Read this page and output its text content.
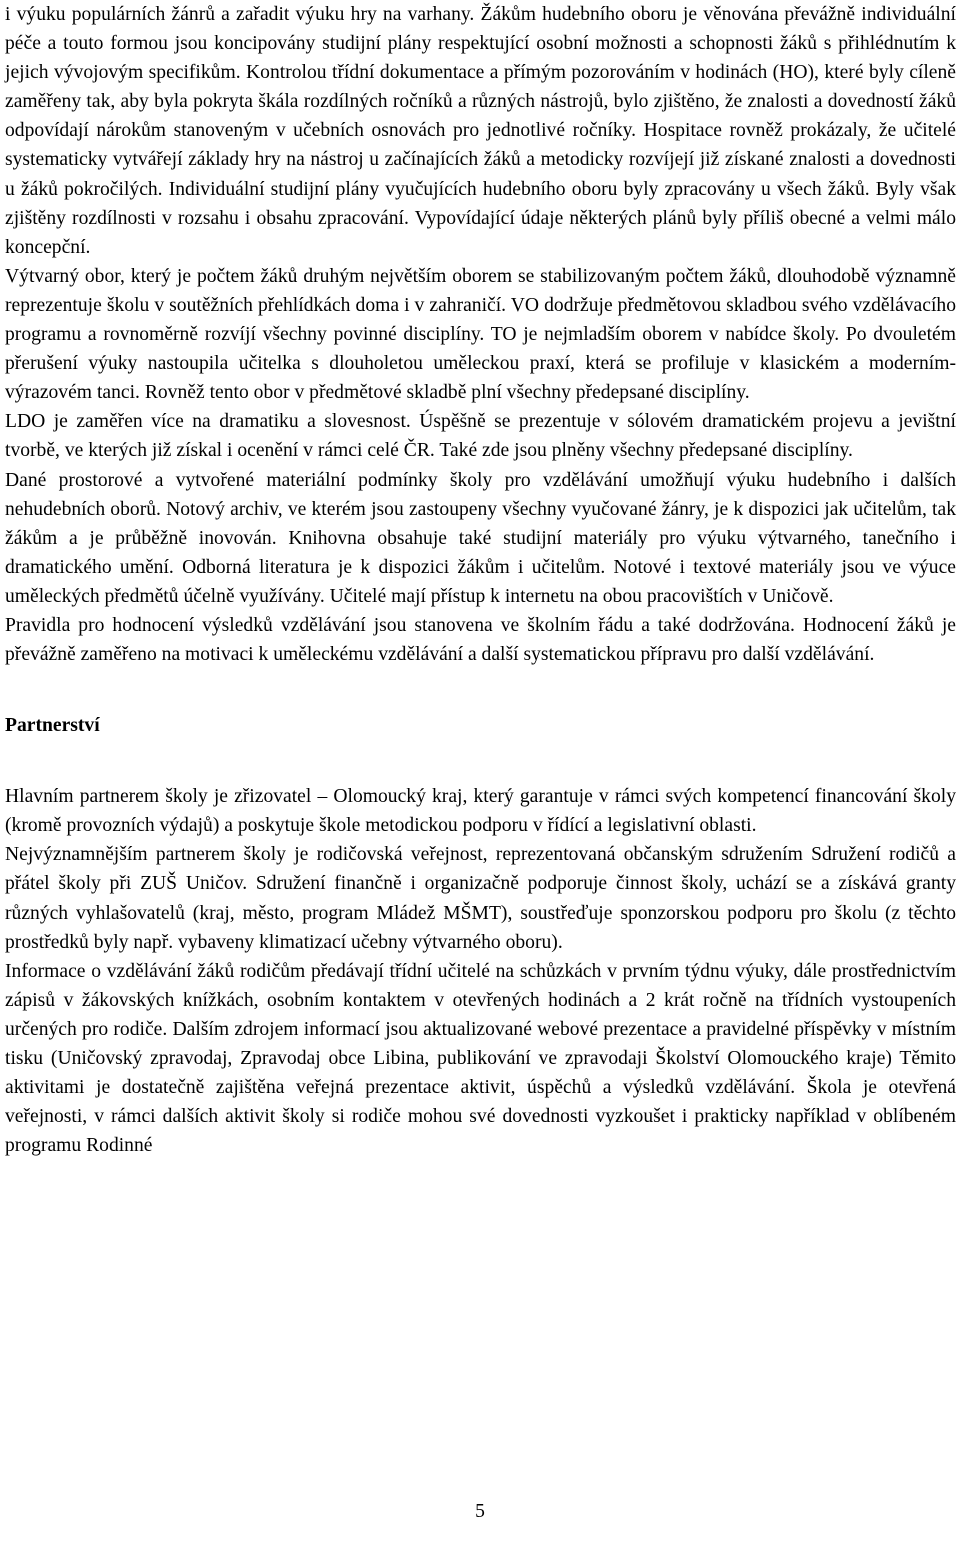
i výuku populárních žánrů a zařadit výuku hry na varhany. Žákům hudebního oboru je věnována převážně individuální péče a touto formou jsou koncipovány studijní plány respektující osobní možnosti a schopnosti žáků s přihlédnutím k jejich vývojovým specifikům. Kontrolou třídní dokumentace a přímým pozorováním v hodinách (HO), které byly cíleně zaměřeny tak, aby byla pokryta škála rozdílných ročníků a různých nástrojů, bylo zjištěno, že znalosti a dovedností žáků odpovídají nárokům stanoveným v učebních osnovách pro jednotlivé ročníky. Hospitace rovněž prokázaly, že učitelé systematicky vytvářejí základy hry na nástroj u začínajících žáků a metodicky rozvíjejí již získané znalosti a dovednosti u žáků pokročilých. Individuální studijní plány vyučujících hudebního oboru byly zpracovány u všech žáků. Byly však zjištěny rozdílnosti v rozsahu i obsahu zpracování. Vypovídající údaje některých plánů byly příliš obecné a velmi málo koncepční.

Výtvarný obor, který je počtem žáků druhým největším oborem se stabilizovaným počtem žáků, dlouhodobě významně reprezentuje školu v soutěžních přehlídkách doma i v zahraničí. VO dodržuje předmětovou skladbou svého vzdělávacího programu a rovnoměrně rozvíjí všechny povinné disciplíny. TO je nejmladším oborem v nabídce školy. Po dvouletém přerušení výuky nastoupila učitelka s dlouholetou uměleckou praxí, která se profiluje v klasickém a moderním-výrazovém tanci. Rovněž tento obor v předmětové skladbě plní všechny předepsané disciplíny.

LDO je zaměřen více na dramatiku a slovesnost. Úspěšně se prezentuje v sólovém dramatickém projevu a jevištní tvorbě, ve kterých již získal i ocenění v rámci celé ČR. Také zde jsou plněny všechny předepsané disciplíny.

Dané prostorové a vytvořené materiální podmínky školy pro vzdělávání umožňují výuku hudebního i dalších nehudebních oborů. Notový archiv, ve kterém jsou zastoupeny všechny vyučované žánry, je k dispozici jak učitelům, tak žákům a je průběžně inovován. Knihovna obsahuje také studijní materiály pro výuku výtvarného, tanečního i dramatického umění. Odborná literatura je k dispozici žákům i učitelům. Notové i textové materiály jsou ve výuce uměleckých předmětů účelně využívány. Učitelé mají přístup k internetu na obou pracovištích v Uničově.

Pravidla pro hodnocení výsledků vzdělávání jsou stanovena ve školním řádu a také dodržována. Hodnocení žáků je převážně zaměřeno na motivaci k uměleckému vzdělávání a další systematickou přípravu pro další vzdělávání.

Partnerství

Hlavním partnerem školy je zřizovatel – Olomoucký kraj, který garantuje v rámci svých kompetencí financování školy (kromě provozních výdajů) a poskytuje škole metodickou podporu v řídící a legislativní oblasti.

Nejvýznamnějším partnerem školy je rodičovská veřejnost, reprezentovaná občanským sdružením Sdružení rodičů a přátel školy při ZUŠ Uničov. Sdružení finančně i organizačně podporuje činnost školy, uchází se a získává granty různých vyhlašovatelů (kraj, město, program Mládež MŠMT), soustřeďuje sponzorskou podporu pro školu (z těchto prostředků byly např. vybaveny klimatizací učebny výtvarného oboru).

Informace o vzdělávání žáků rodičům předávají třídní učitelé na schůzkách v prvním týdnu výuky, dále prostřednictvím zápisů v žákovských knížkách, osobním kontaktem v otevřených hodinách a 2 krát ročně na třídních vystoupeních určených pro rodiče. Dalším zdrojem informací jsou aktualizované webové prezentace a pravidelné příspěvky v místním tisku (Uničovský zpravodaj, Zpravodaj obce Libina, publikování ve zpravodaji Školství Olomouckého kraje) Těmito aktivitami je dostatečně zajištěna veřejná prezentace aktivit, úspěchů a výsledků vzdělávání. Škola je otevřená veřejnosti, v rámci dalších aktivit školy si rodiče mohou své dovednosti vyzkoušet i prakticky například v oblíbeném programu Rodinné

5
